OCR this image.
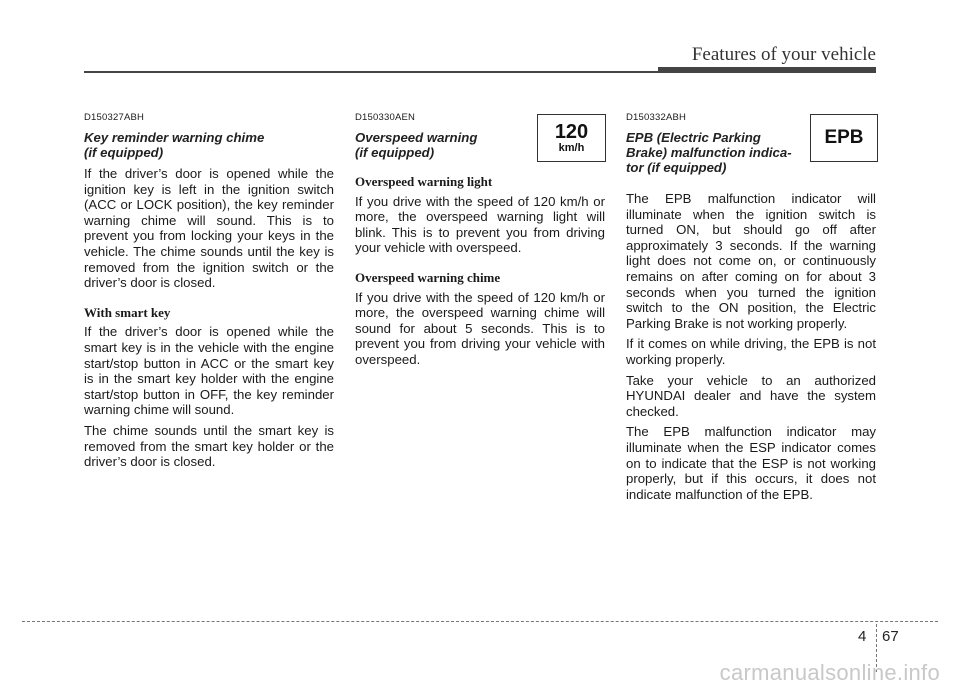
Features of your vehicle

D150327ABH

Key reminder warning chime
(if equipped)

If the driver’s door is opened while the ignition key is left in the ignition switch (ACC or LOCK position), the key reminder warning chime will sound. This is to prevent you from locking your keys in the vehicle. The chime sounds until the key is removed from the ignition switch or the driver’s door is closed.

With smart key

If the driver’s door is opened while the smart key is in the vehicle with the engine start/stop button in ACC or the smart key is in the smart key holder with the engine start/stop button in OFF, the key reminder warning chime will sound.

The chime sounds until the smart key is removed from the smart key holder or the driver’s door is closed.

D150330AEN

Overspeed warning
(if equipped)

Overspeed warning light

If you drive with the speed of 120 km/h or more, the overspeed warning light will blink. This is to prevent you from driving your vehicle with overspeed.

Overspeed warning chime

If you drive with the speed of 120 km/h or more, the overspeed warning chime will sound for about 5 seconds. This is to prevent you from driving your vehicle with overspeed.

120
km/h

D150332ABH

EPB (Electric Parking
Brake) malfunction indica-
tor (if equipped)

The EPB malfunction indicator will illuminate when the ignition switch is turned ON, but should go off after approximately 3 seconds. If the warning light does not come on, or continuously remains on after coming on for about 3 seconds when you turned the ignition switch to the ON position, the Electric Parking Brake is not working properly.

If it comes on while driving, the EPB is not working properly.

Take your vehicle to an authorized HYUNDAI dealer and have the system checked.

The EPB malfunction indicator may illuminate when the ESP indicator comes on to indicate that the ESP is not working properly, but if this occurs, it does not indicate malfunction of the EPB.

EPB
4 67
carmanualsonline.info
